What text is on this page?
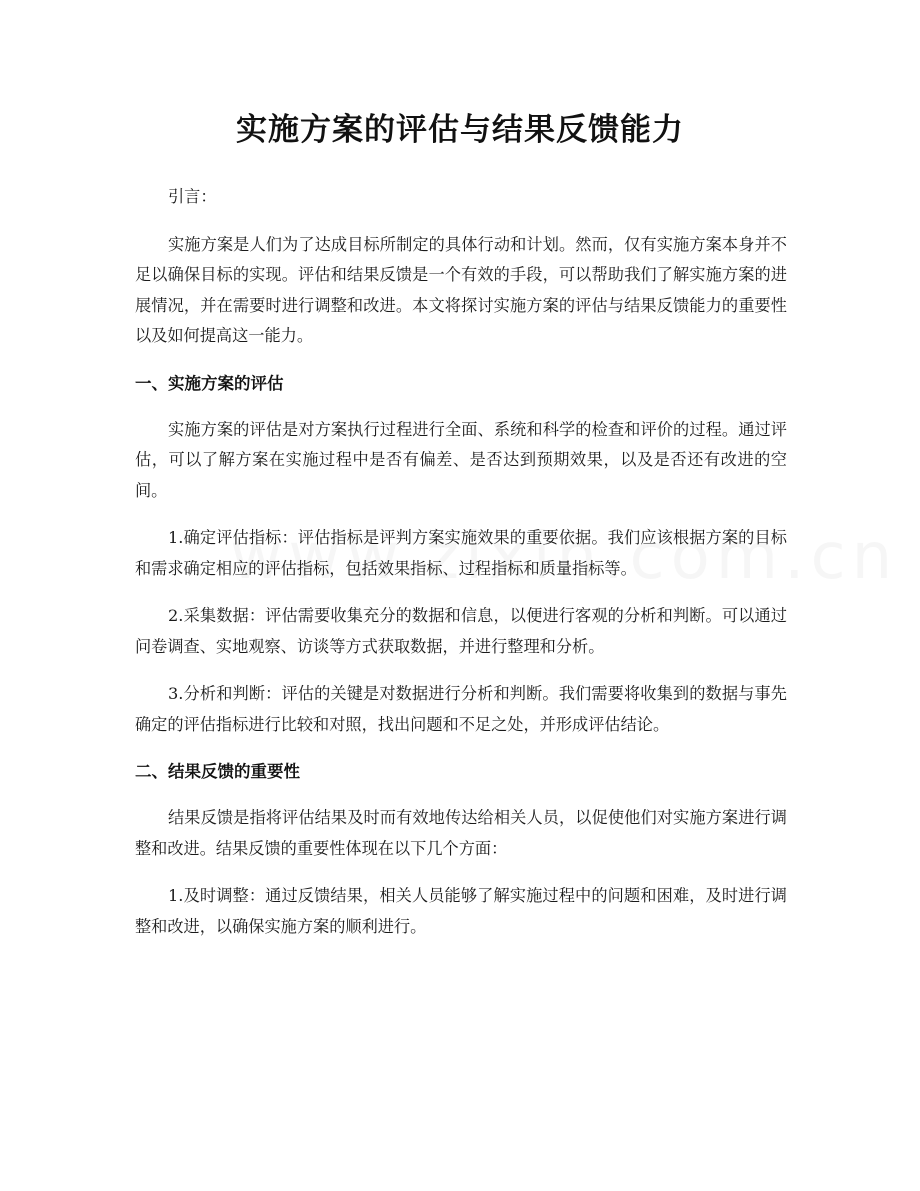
实施方案的评估与结果反馈能力

引言：

实施方案是人们为了达成目标所制定的具体行动和计划。然而，仅有实施方案本身并不足以确保目标的实现。评估和结果反馈是一个有效的手段，可以帮助我们了解实施方案的进展情况，并在需要时进行调整和改进。本文将探讨实施方案的评估与结果反馈能力的重要性以及如何提高这一能力。

一、实施方案的评估

实施方案的评估是对方案执行过程进行全面、系统和科学的检查和评价的过程。通过评估，可以了解方案在实施过程中是否有偏差、是否达到预期效果，以及是否还有改进的空间。

1.确定评估指标：评估指标是评判方案实施效果的重要依据。我们应该根据方案的目标和需求确定相应的评估指标，包括效果指标、过程指标和质量指标等。

2.采集数据：评估需要收集充分的数据和信息，以便进行客观的分析和判断。可以通过问卷调查、实地观察、访谈等方式获取数据，并进行整理和分析。

3.分析和判断：评估的关键是对数据进行分析和判断。我们需要将收集到的数据与事先确定的评估指标进行比较和对照，找出问题和不足之处，并形成评估结论。

二、结果反馈的重要性

结果反馈是指将评估结果及时而有效地传达给相关人员，以促使他们对实施方案进行调整和改进。结果反馈的重要性体现在以下几个方面：

1.及时调整：通过反馈结果，相关人员能够了解实施过程中的问题和困难，及时进行调整和改进，以确保实施方案的顺利进行。
